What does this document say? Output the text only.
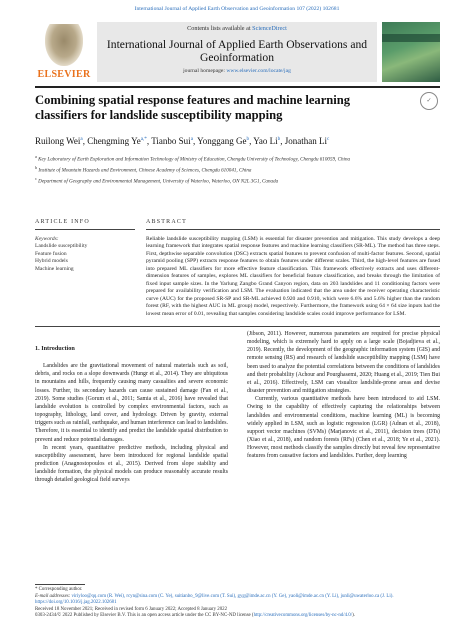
International Journal of Applied Earth Observation and Geoinformation 107 (2022) 102681
ELSEVIER
Contents lists available at ScienceDirect
International Journal of Applied Earth Observations and Geoinformation
journal homepage: www.elsevier.com/locate/jag
Combining spatial response features and machine learning classifiers for landslide susceptibility mapping
✓
Ruilong Wei$^a$, Chengming $Ye^{a,*}$, Tianbo Sui$^a$, Yonggang Ge$^b$, Yao Li$^b$, Jonathan Li$^c$
$^a$ Key Laboratory of Earth Exploration and Information Technology of Ministry of Education, Chengdu University of Technology, Chengdu 610059, China
$^b$ Institute of Mountain Hazards and Environment, Chinese Academy of Sciences, Chengdu 610041, China
$^c$ Department of Geography and Environmental Management, University of Waterloo, Waterloo, ON N2L 3G1, Canada
ARTICLE INFO	ABSTRACT
Keywords:
Landslide susceptibility
Feature fusion
Hybrid models
Machine learning
Reliable landslide susceptibility mapping (LSM) is essential for disaster prevention and mitigation. This study develops a deep learning framework that integrates spatial response features and machine learning classifiers (SR-ML). The method has three steps. First, depthwise separable convolution (DSC) extracts spatial features to prevent confusion of multi-factor features. Second, spatial pyramid pooling (SPP) extracts response features to obtain features under different scales. Third, the high-level features are fused into prepared ML classifiers for more effective feature classification. This framework effectively extracts and uses different-dimension features of samples, explores ML classifiers for beneficial feature classification, and breaks through the limitation of fixed input sample sizes. In the Yarlung Zangbo Grand Canyon region, data on 203 landslides and 11 conditioning factors were prepared for availability verification and LSM. The evaluation indicated that the area under the receiver operating characteristic curve (AUC) for the proposed SR-SP and SR-ML achieved 0.920 and 0.910, which were 6.6% and 5.6% higher than the random forest (RF, with the highest AUC in ML group) model, respectively. Furthermore, the framework using 64 × 64 size inputs had the lowest mean error of 0.01, revealing that samples considering landslide scales could improve performance for LSM.
1. Introduction

Landslides are the gravitational movement of natural materials such as soil, debris, and rocks on a slope downwards (Hungr et al., 2014). They are ubiquitous in mountains and hills, frequently causing many casualties and severe economic losses. Further, its secondary hazards can cause sustained damage (Fan et al., 2019). Some studies (Gorum et al., 2011; Samia et al., 2016) have revealed that landslide evolution is controlled by complex environmental factors, such as topography, lithology, land cover, and hydrology. Driven by gravity, external triggers such as rainfall, earthquake, and human interference can lead to landslides. Therefore, it is essential to identify and predict the landslide spatial distribution to prevent and reduce potential damages.

In recent years, quantitative predictive methods, including physical and susceptibility assessment, have been introduced for regional landslide spatial prediction (Anagnostopoulos et al., 2015). Derived from slope stability and landslide formation, the physical models can produce reasonably accurate results through detailed geological field surveys

(Jibson, 2011). However, numerous parameters are required for precise physical modeling, which is extremely hard to apply on a large scale (Bojadjieva et al., 2019). Recently, the development of the geographic information system (GIS) and remote sensing (RS) and research of landslide susceptibility mapping (LSM) have been used to analyze the potential correlations between the conditions of landslides and their probability (Achour and Pourghasemi, 2020; Huang et al., 2019; Tien Bui et al., 2016). Effectively, LSM can visualize landslide-prone areas and devise disaster prevention and mitigation strategies.

Currently, various quantitative methods have been introduced to aid LSM. Owing to the capability of effectively capturing the relationships between landslides and environmental conditions, machine learning (ML) is becoming widely applied in LSM, such as logistic regression (LGR) (Adnan et al., 2018), support vector machines (SVMs) (Marjanovic et al., 2011), decision trees (DTs) (Xiao et al., 2018), and random forests (RFs) (Chen et al., 2018; Ye et al., 2021). However, most methods classify the samples directly but reveal few representative features from causative factors and landslides. Further, deep learning

* Corresponding author.
E-mail addresses: viriyloo@qq.com (R. Wei), rcyn@sina.com (C. Ye), suitianbo_9@live.com (T. Sui), gyg@imde.ac.cn (Y. Ge), yaoli@imde.ac.cn (Y. Li), junli@uwaterloo.ca (J. Li).
https://doi.org/10.1016/j.jag.2022.102681
Received 18 November 2021; Received in revised form 6 January 2022; Accepted 8 January 2022
0303-2434/© 2022 Published by Elsevier B.V. This is an open access article under the CC BY-NC-ND license (http://creativecommons.org/licenses/by-nc-nd/4.0/).
